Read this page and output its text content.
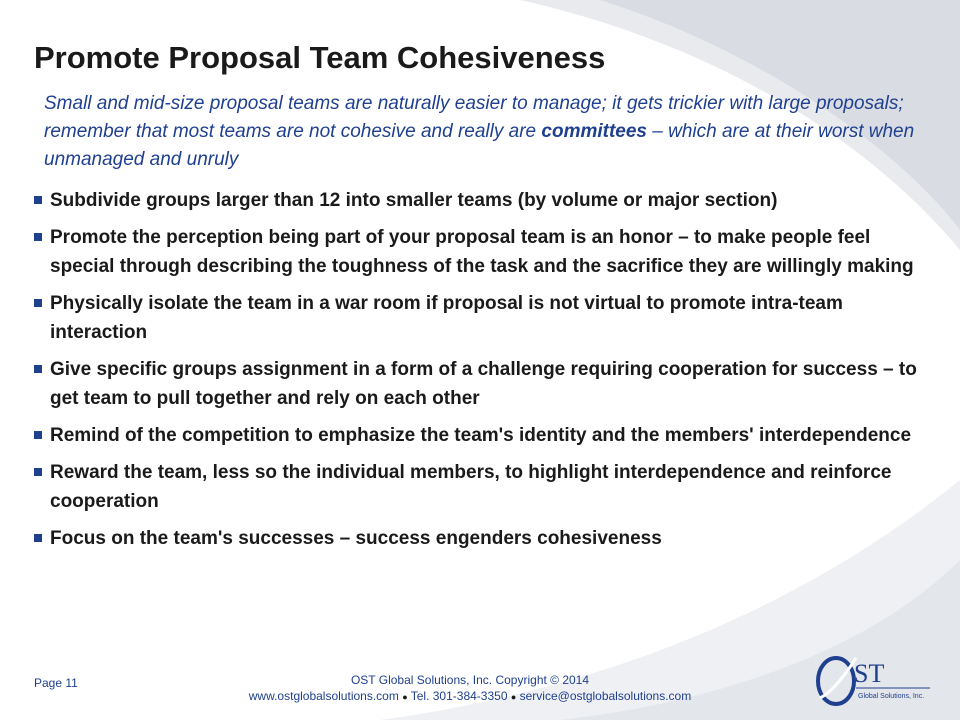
Promote Proposal Team Cohesiveness
Small and mid-size proposal teams are naturally easier to manage; it gets trickier with large proposals; remember that most teams are not cohesive and really are committees – which are at their worst when unmanaged and unruly
Subdivide groups larger than 12 into smaller teams (by volume or major section)
Promote the perception being part of your proposal team is an honor – to make people feel special through describing the toughness of the task and the sacrifice they are willingly making
Physically isolate the team in a war room if proposal is not virtual to promote intra-team interaction
Give specific groups assignment in a form of a challenge requiring cooperation for success – to get team to pull together and rely on each other
Remind of the competition to emphasize the team's identity and the members' interdependence
Reward the team, less so the individual members, to highlight interdependence and reinforce cooperation
Focus on the team's successes – success engenders cohesiveness
Page 11	OST Global Solutions, Inc. Copyright © 2014
www.ostglobalsolutions.com ● Tel. 301-384-3350 ● service@ostglobalsolutions.com
ST
Global Solutions, Inc.
